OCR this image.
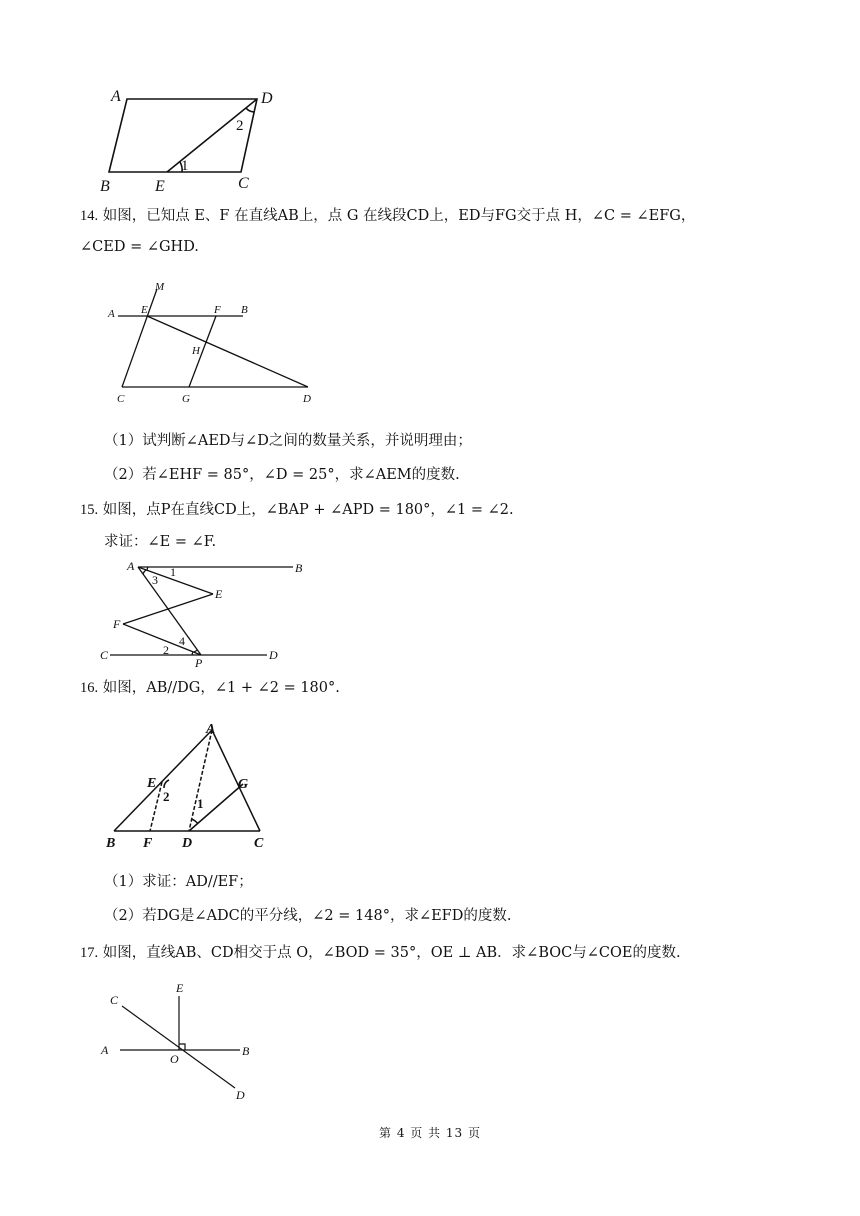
A	D
B	E	C
1
2
14. 如图，已知点 E、F 在直线AB上，点 G 在线段CD上，ED与FG交于点 H，∠C = ∠EFG，
∠CED = ∠GHD.
M
A E	F B
H
C	G	D
（1）试判断∠AED与∠D之间的数量关系，并说明理由；
（2）若∠EHF = 85°，∠D = 25°，求∠AEM的度数.
15. 如图，点P在直线CD上，∠BAP + ∠APD = 180°，∠1 = ∠2.
求证：∠E = ∠F.
A	B
E
F
C
P
D
1
2
3
4
16. 如图，AB//DG，∠1 + ∠2 = 180°.
A
E	G
B F D	C
1
2
（1）求证：AD//EF；
（2）若DG是∠ADC的平分线，∠2 = 148°，求∠EFD的度数.
17. 如图，直线AB、CD相交于点 O，∠BOD = 35°，OE ⊥ AB．求∠BOC与∠COE的度数.
C
E
A
O
B
D
第 4 页 共 13 页
